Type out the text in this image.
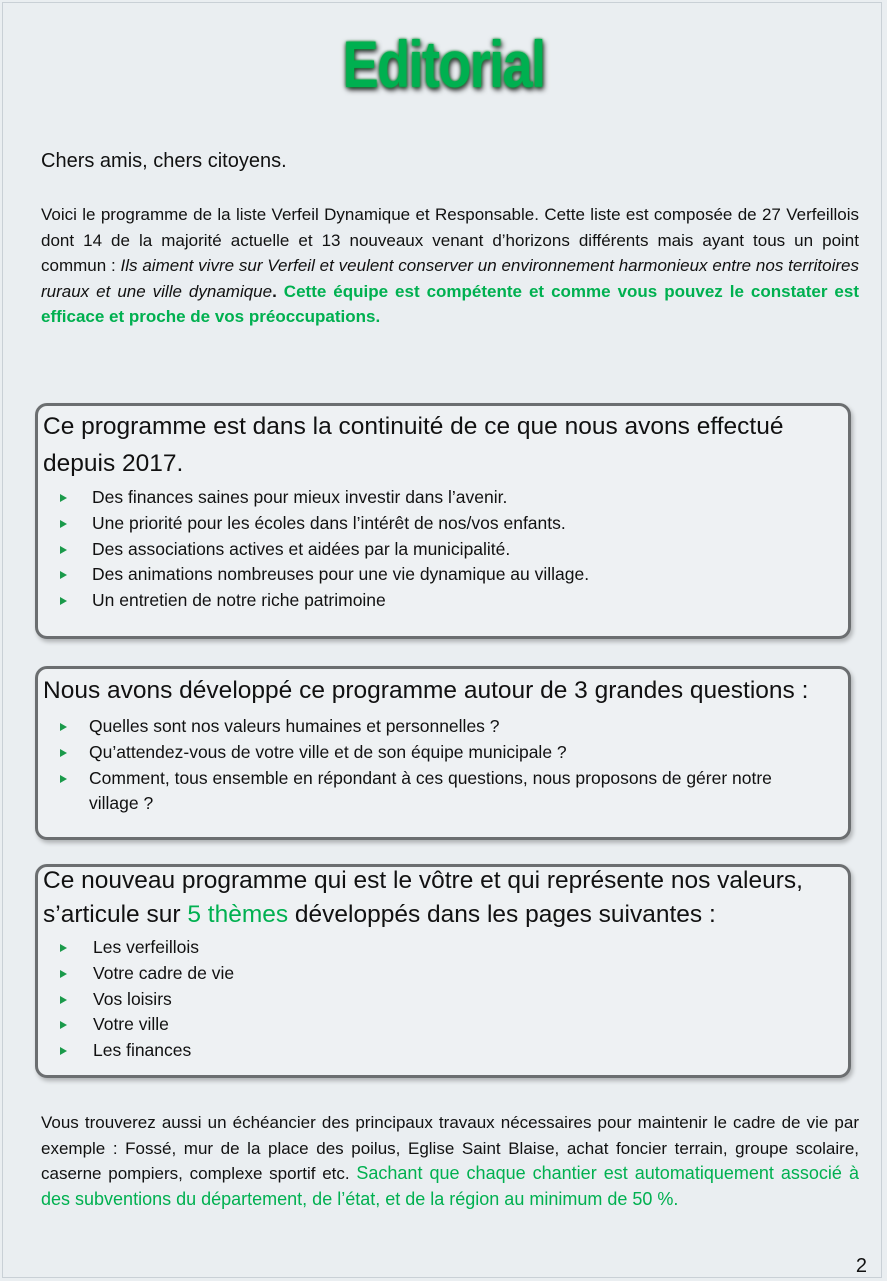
Editorial
Chers amis, chers citoyens.
Voici le programme de la liste Verfeil Dynamique et Responsable. Cette liste est composée de 27 Verfeillois dont 14 de la majorité actuelle et 13 nouveaux venant d’horizons différents mais ayant tous un point commun : Ils aiment vivre sur Verfeil et veulent conserver un environnement harmonieux entre nos territoires ruraux et une ville dynamique. Cette équipe est compétente et comme vous pouvez le constater est efficace et proche de vos préoccupations.
Ce programme est dans la continuité de ce que nous avons effectué
depuis 2017.
Des finances saines pour mieux investir dans l’avenir.
Une priorité pour les écoles dans l’intérêt de nos/vos enfants.
Des associations actives et aidées par la municipalité.
Des animations nombreuses pour une vie dynamique au village.
Un entretien de notre riche patrimoine
Nous avons développé ce programme autour de 3 grandes questions :
Quelles sont nos valeurs humaines et personnelles ?
Qu’attendez-vous de votre ville et de son équipe municipale ?
Comment, tous ensemble en répondant à ces questions, nous proposons de gérer notre
village ?
Ce nouveau programme qui est le vôtre et qui représente nos valeurs,
s’articule sur 5 thèmes développés dans les pages suivantes :
Les verfeillois
Votre cadre de vie
Vos loisirs
Votre ville
Les finances
Vous trouverez aussi un échéancier des principaux travaux nécessaires pour maintenir le cadre de vie par exemple : Fossé, mur de la place des poilus, Eglise Saint Blaise, achat foncier terrain, groupe scolaire, caserne pompiers, complexe sportif etc. Sachant que chaque chantier est automatiquement associé à des subventions du département, de l’état, et de la région au minimum de 50 %.
2
